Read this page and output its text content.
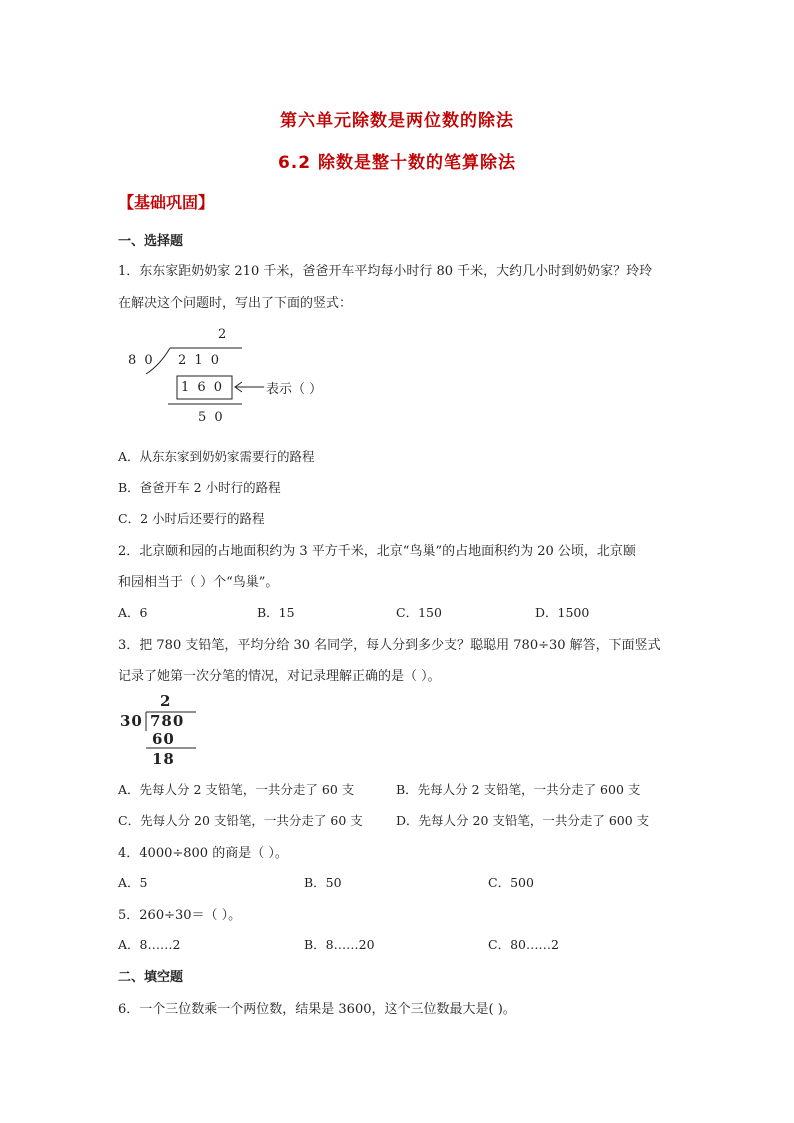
第六单元除数是两位数的除法
6.2 除数是整十数的笔算除法
【基础巩固】
一、选择题
1．东东家距奶奶家 210 千米，爸爸开车平均每小时行 80 千米，大约几小时到奶奶家？玲玲
在解决这个问题时，写出了下面的竖式：
2
8 0 2 1 0
1 6 0
5 0
表示（ ）
A．从东东家到奶奶家需要行的路程
B．爸爸开车 2 小时行的路程
C．2 小时后还要行的路程
2．北京颐和园的占地面积约为 3 平方千米，北京“鸟巢”的占地面积约为 20 公顷，北京颐
和园相当于（ ）个“鸟巢”。
A．6	B．15	C．150	D．1500
3．把 780 支铅笔，平均分给 30 名同学，每人分到多少支？聪聪用 780÷30 解答，下面竖式
记录了她第一次分笔的情况，对记录理解正确的是（ ）。
2
30 780
60
18
A．先每人分 2 支铅笔，一共分走了 60 支	B．先每人分 2 支铅笔，一共分走了 600 支
C．先每人分 20 支铅笔，一共分走了 60 支	D．先每人分 20 支铅笔，一共分走了 600 支
4．4000÷800 的商是（ ）。
A．5	B．50	C．500
5．260÷30＝（ ）。
A．8……2	B．8……20	C．80……2
二、填空题
6．一个三位数乘一个两位数，结果是 3600，这个三位数最大是( )。
